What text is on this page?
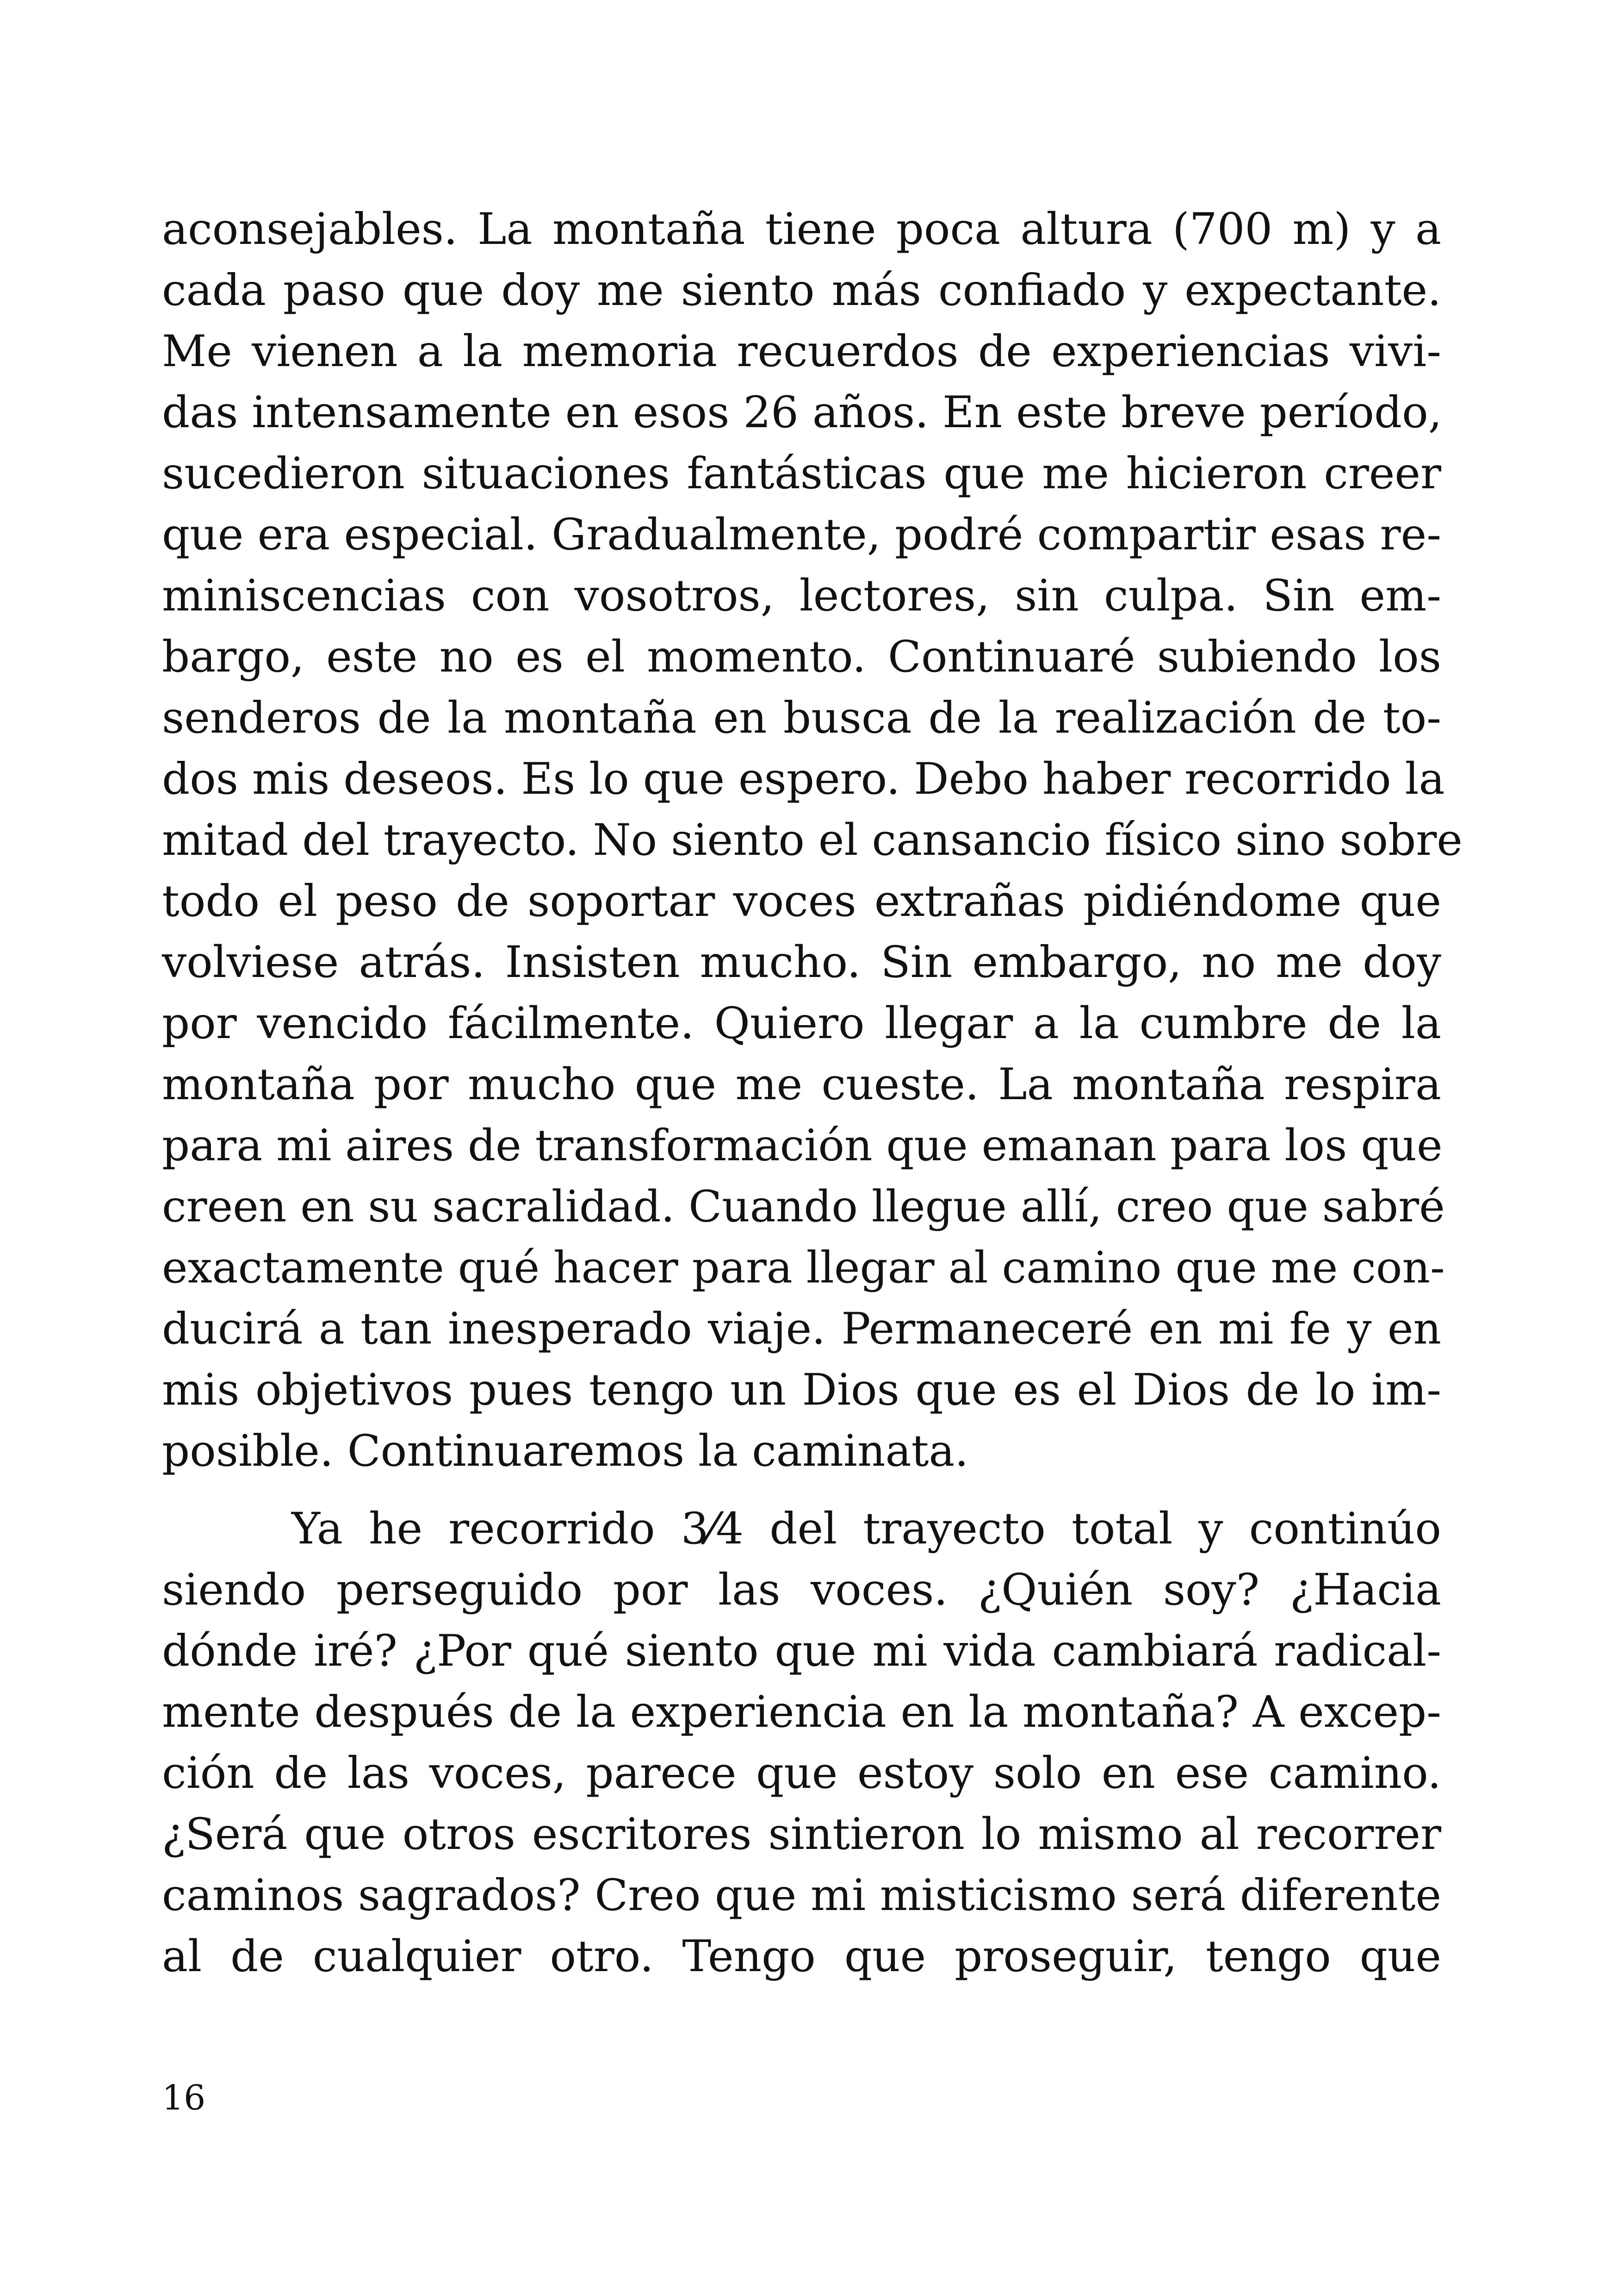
aconsejables. La montaña tiene poca altura (700 m) y a
cada paso que doy me siento más confiado y expectante.
Me vienen a la memoria recuerdos de experiencias vivi-
das intensamente en esos 26 años. En este breve período,
sucedieron situaciones fantásticas que me hicieron creer
que era especial. Gradualmente, podré compartir esas re-
miniscencias con vosotros, lectores, sin culpa. Sin em-
bargo, este no es el momento. Continuaré subiendo los
senderos de la montaña en busca de la realización de to-
dos mis deseos. Es lo que espero. Debo haber recorrido la
mitad del trayecto. No siento el cansancio físico sino sobre
todo el peso de soportar voces extrañas pidiéndome que
volviese atrás. Insisten mucho. Sin embargo, no me doy
por vencido fácilmente. Quiero llegar a la cumbre de la
montaña por mucho que me cueste. La montaña respira
para mi aires de transformación que emanan para los que
creen en su sacralidad. Cuando llegue allí, creo que sabré
exactamente qué hacer para llegar al camino que me con-
ducirá a tan inesperado viaje. Permaneceré en mi fe y en
mis objetivos pues tengo un Dios que es el Dios de lo im-
posible. Continuaremos la caminata.
Ya he recorrido 3⁄4 del trayecto total y continúo
siendo perseguido por las voces. ¿Quién soy? ¿Hacia
dónde iré? ¿Por qué siento que mi vida cambiará radical-
mente después de la experiencia en la montaña? A excep-
ción de las voces, parece que estoy solo en ese camino.
¿Será que otros escritores sintieron lo mismo al recorrer
caminos sagrados? Creo que mi misticismo será diferente
al de cualquier otro. Tengo que proseguir, tengo que
16
